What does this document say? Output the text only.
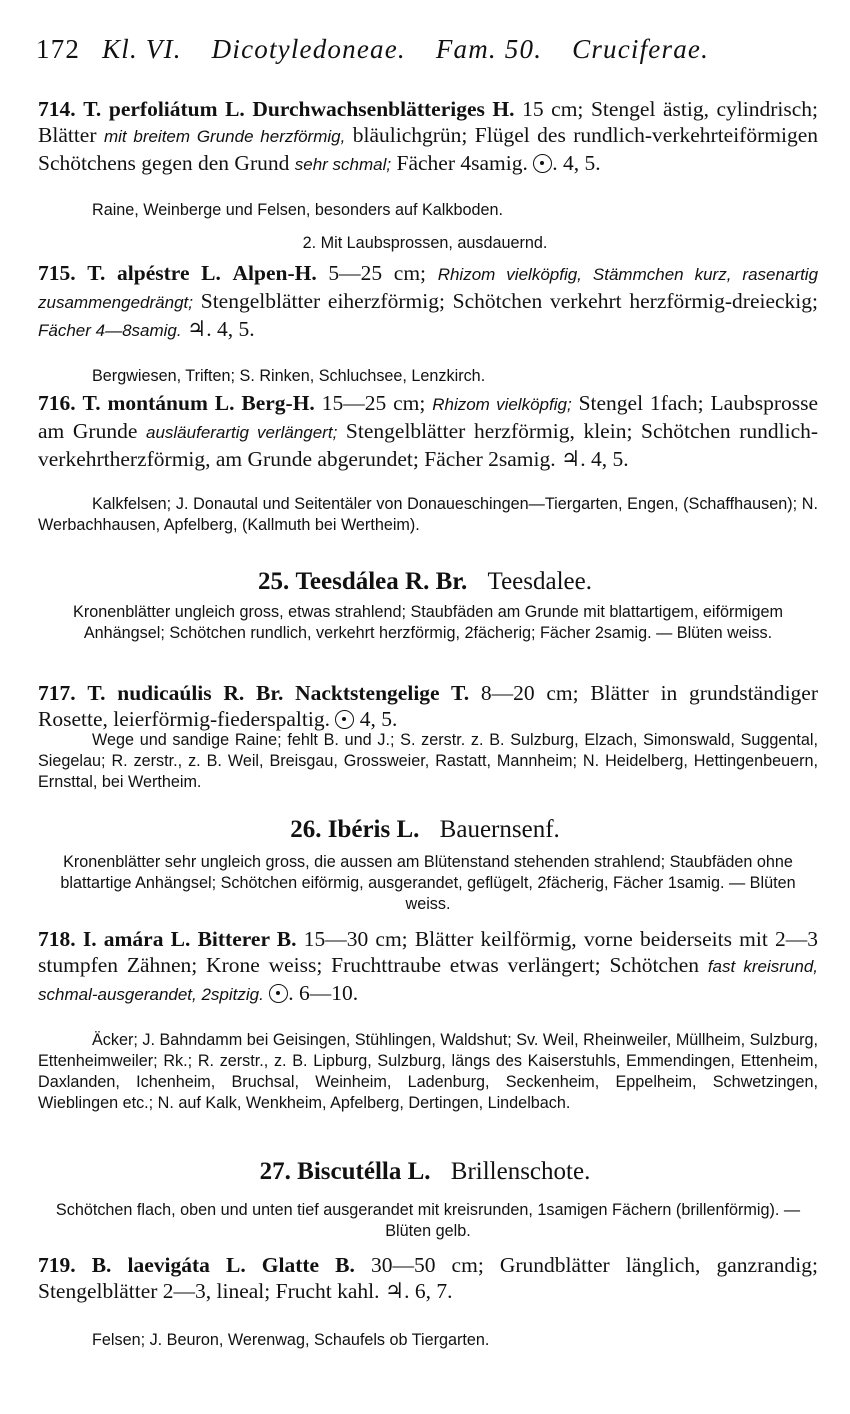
172 Kl. VI. Dicotyledoneae. Fam. 50. Cruciferae.
714. T. perfoliátum L. Durchwachsenblätteriges H. 15 cm; Stengel ästig, cylindrisch; Blätter mit breitem Grunde herzförmig, bläulichgrün; Flügel des rundlich-verkehrteiförmigen Schötchens gegen den Grund sehr schmal; Fächer 4samig. . 4, 5.
Raine, Weinberge und Felsen, besonders auf Kalkboden.
2. Mit Laubsprossen, ausdauernd.
715. T. alpéstre L. Alpen-H. 5—25 cm; Rhizom vielköpfig, Stämmchen kurz, rasenartig zusammengedrängt; Stengelblätter eiherzförmig; Schötchen verkehrt herzförmig-dreieckig; Fächer 4—8samig. ♃. 4, 5.
Bergwiesen, Triften; S. Rinken, Schluchsee, Lenzkirch.
716. T. montánum L. Berg-H. 15—25 cm; Rhizom vielköpfig; Stengel 1fach; Laubsprosse am Grunde ausläuferartig verlängert; Stengelblätter herzförmig, klein; Schötchen rundlich-verkehrtherzförmig, am Grunde abgerundet; Fächer 2samig. ♃. 4, 5.
Kalkfelsen; J. Donautal und Seitentäler von Donaueschingen—Tiergarten, Engen, (Schaffhausen); N. Werbachhausen, Apfelberg, (Kallmuth bei Wertheim).
25. Teesdálea R. Br. Teesdalee.
Kronenblätter ungleich gross, etwas strahlend; Staubfäden am Grunde mit blattartigem, eiförmigem Anhängsel; Schötchen rundlich, verkehrt herzförmig, 2fächerig; Fächer 2samig. — Blüten weiss.
717. T. nudicaúlis R. Br. Nacktstengelige T. 8—20 cm; Blätter in grundständiger Rosette, leierförmig-fiederspaltig. 4, 5.
Wege und sandige Raine; fehlt B. und J.; S. zerstr. z. B. Sulzburg, Elzach, Simonswald, Suggental, Siegelau; R. zerstr., z. B. Weil, Breisgau, Grossweier, Rastatt, Mannheim; N. Heidelberg, Hettingenbeuern, Ernsttal, bei Wertheim.
26. Ibéris L. Bauernsenf.
Kronenblätter sehr ungleich gross, die aussen am Blütenstand stehenden strahlend; Staubfäden ohne blattartige Anhängsel; Schötchen eiförmig, ausgerandet, geflügelt, 2fächerig, Fächer 1samig. — Blüten weiss.
718. I. amára L. Bitterer B. 15—30 cm; Blätter keilförmig, vorne beiderseits mit 2—3 stumpfen Zähnen; Krone weiss; Fruchttraube etwas verlängert; Schötchen fast kreisrund, schmal-ausgerandet, 2spitzig. . 6—10.
Äcker; J. Bahndamm bei Geisingen, Stühlingen, Waldshut; Sv. Weil, Rheinweiler, Müllheim, Sulzburg, Ettenheimweiler; Rk.; R. zerstr., z. B. Lipburg, Sulzburg, längs des Kaiserstuhls, Emmendingen, Ettenheim, Daxlanden, Ichenheim, Bruchsal, Weinheim, Ladenburg, Seckenheim, Eppelheim, Schwetzingen, Wieblingen etc.; N. auf Kalk, Wenkheim, Apfelberg, Dertingen, Lindelbach.
27. Biscutélla L. Brillenschote.
Schötchen flach, oben und unten tief ausgerandet mit kreisrunden, 1samigen Fächern (brillenförmig). — Blüten gelb.
719. B. laevigáta L. Glatte B. 30—50 cm; Grundblätter länglich, ganzrandig; Stengelblätter 2—3, lineal; Frucht kahl. ♃. 6, 7.
Felsen; J. Beuron, Werenwag, Schaufels ob Tiergarten.
